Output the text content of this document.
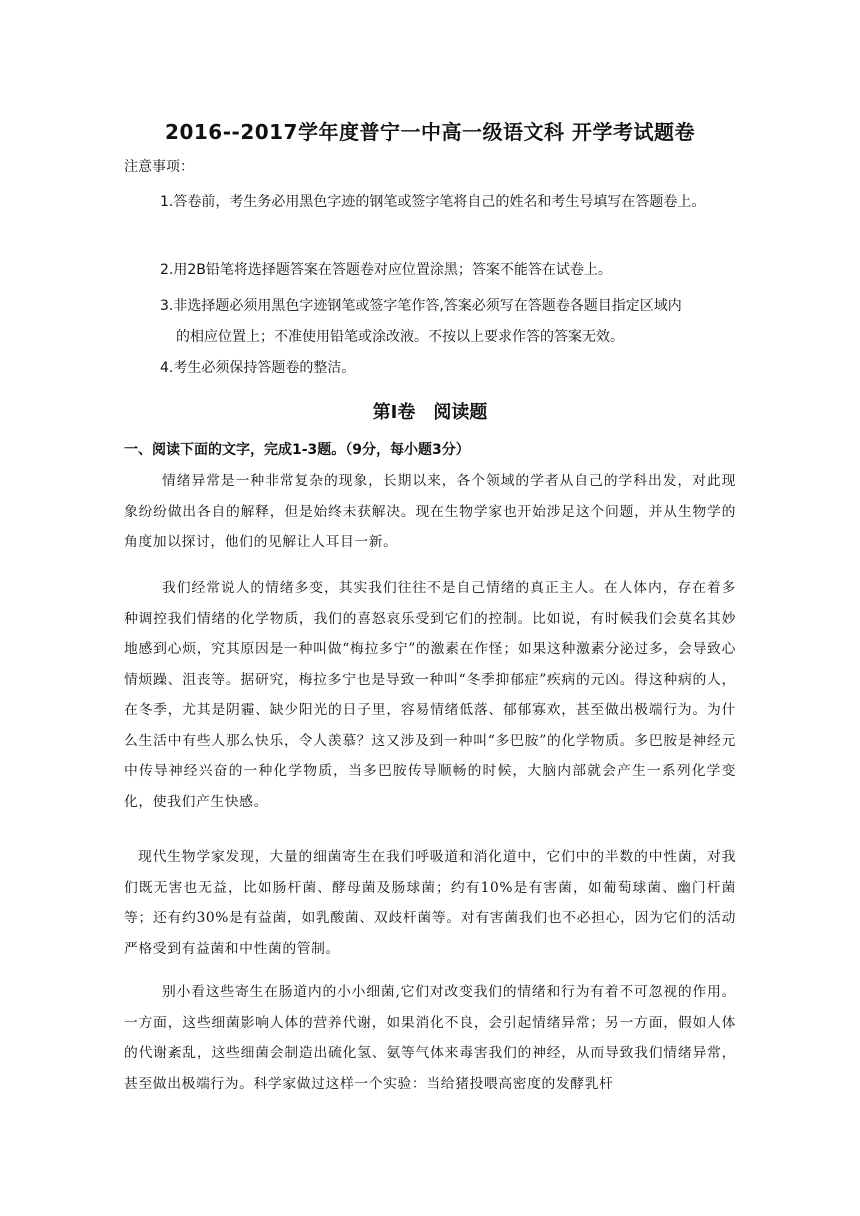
2016--2017学年度普宁一中高一级语文科 开学考试题卷
注意事项：
1.答卷前，考生务必用黑色字迹的钢笔或签字笔将自己的姓名和考生号填写在答题卷上。
2.用2B铅笔将选择题答案在答题卷对应位置涂黑；答案不能答在试卷上。
3.非选择题必须用黑色字迹钢笔或签字笔作答,答案必须写在答题卷各题目指定区域内
的相应位置上；不准使用铅笔或涂改液。不按以上要求作答的答案无效。
4.考生必须保持答题卷的整洁。
第Ⅰ卷　阅读题
一、阅读下面的文字，完成1-3题。（9分，每小题3分）
情绪异常是一种非常复杂的现象，长期以来，各个领域的学者从自己的学科出发，对此现象纷纷做出各自的解释，但是始终未获解决。现在生物学家也开始涉足这个问题，并从生物学的角度加以探讨，他们的见解让人耳目一新。
我们经常说人的情绪多变，其实我们往往不是自己情绪的真正主人。在人体内，存在着多种调控我们情绪的化学物质，我们的喜怒哀乐受到它们的控制。比如说，有时候我们会莫名其妙地感到心烦，究其原因是一种叫做“梅拉多宁”的激素在作怪；如果这种激素分泌过多，会导致心情烦躁、沮丧等。据研究，梅拉多宁也是导致一种叫“冬季抑郁症”疾病的元凶。得这种病的人，在冬季，尤其是阴霾、缺少阳光的日子里，容易情绪低落、郁郁寡欢，甚至做出极端行为。为什么生活中有些人那么快乐，令人羡慕？这又涉及到一种叫“多巴胺”的化学物质。多巴胺是神经元中传导神经兴奋的一种化学物质，当多巴胺传导顺畅的时候，大脑内部就会产生一系列化学变化，使我们产生快感。
现代生物学家发现，大量的细菌寄生在我们呼吸道和消化道中，它们中的半数的中性菌，对我们既无害也无益，比如肠杆菌、酵母菌及肠球菌；约有10%是有害菌，如葡萄球菌、幽门杆菌等；还有约30%是有益菌，如乳酸菌、双歧杆菌等。对有害菌我们也不必担心，因为它们的活动严格受到有益菌和中性菌的管制。
别小看这些寄生在肠道内的小小细菌,它们对改变我们的情绪和行为有着不可忽视的作用。一方面，这些细菌影响人体的营养代谢，如果消化不良，会引起情绪异常；另一方面，假如人体的代谢紊乱，这些细菌会制造出硫化氢、氨等气体来毒害我们的神经，从而导致我们情绪异常，甚至做出极端行为。科学家做过这样一个实验：当给猪投喂高密度的发酵乳杆
